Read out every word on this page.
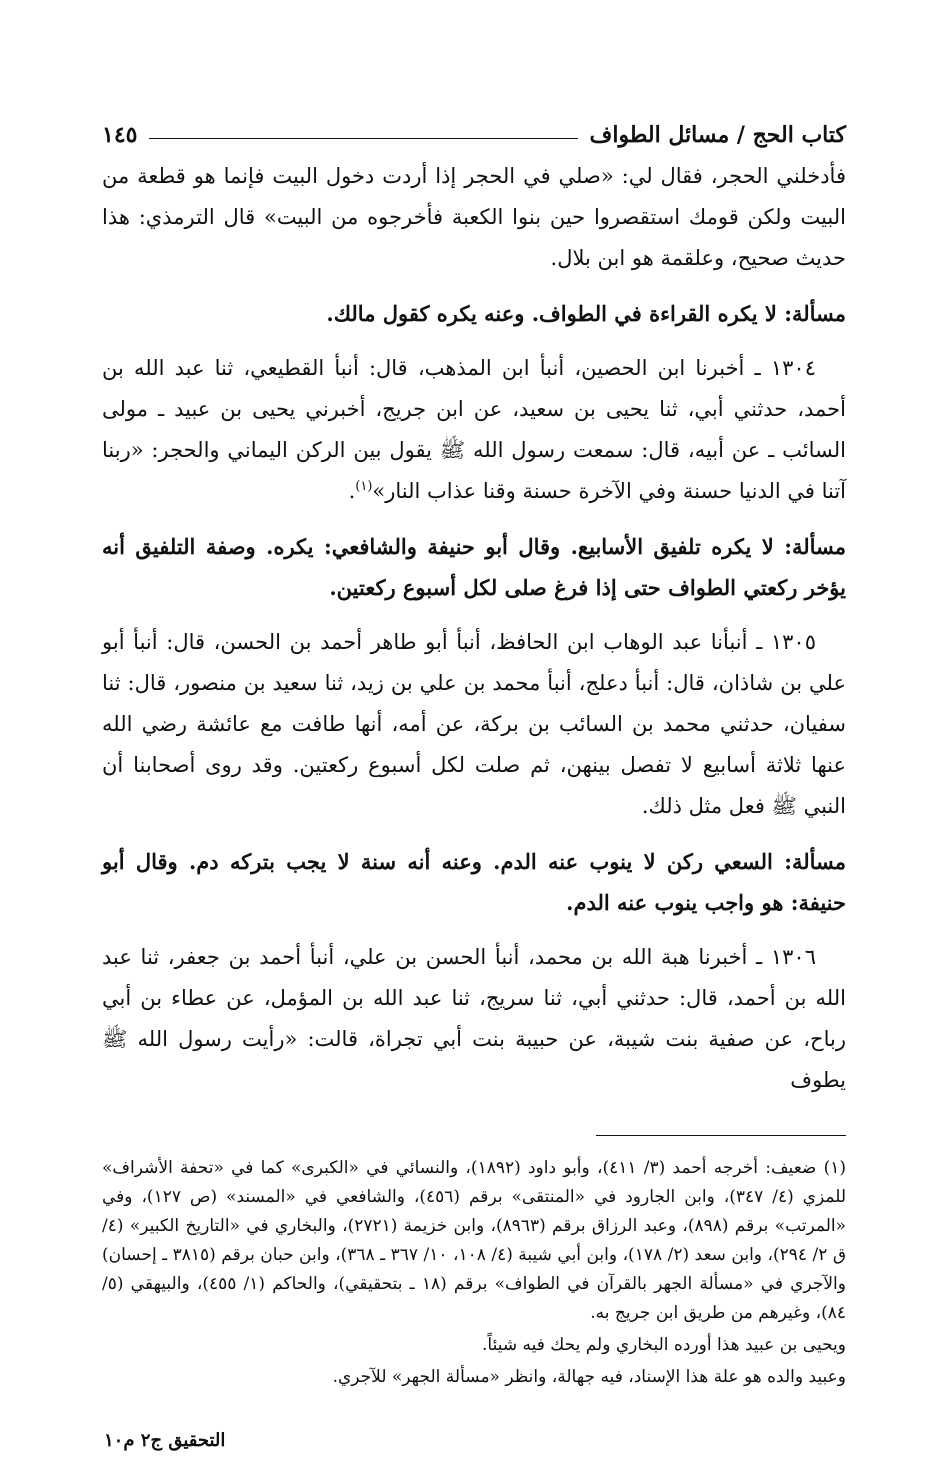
كتاب الحج / مسائل الطواف
١٤٥

فأدخلني الحجر، فقال لي: «صلي في الحجر إذا أردت دخول البيت فإنما هو قطعة من البيت ولكن قومك استقصروا حين بنوا الكعبة فأخرجوه من البيت» قال الترمذي: هذا حديث صحيح، وعلقمة هو ابن بلال.

مسألة: لا يكره القراءة في الطواف. وعنه يكره كقول مالك.

١٣٠٤ ـ أخبرنا ابن الحصين، أنبأ ابن المذهب، قال: أنبأ القطيعي، ثنا عبد الله بن أحمد، حدثني أبي، ثنا يحيى بن سعيد، عن ابن جريج، أخبرني يحيى بن عبيد ـ مولى السائب ـ عن أبيه، قال: سمعت رسول الله ﷺ يقول بين الركن اليماني والحجر: «ربنا آتنا في الدنيا حسنة وفي الآخرة حسنة وقنا عذاب النار»$^{(١)}$.

مسألة: لا يكره تلفيق الأسابيع. وقال أبو حنيفة والشافعي: يكره. وصفة التلفيق أنه يؤخر ركعتي الطواف حتى إذا فرغ صلى لكل أسبوع ركعتين.

١٣٠٥ ـ أنبأنا عبد الوهاب ابن الحافظ، أنبأ أبو طاهر أحمد بن الحسن، قال: أنبأ أبو علي بن شاذان، قال: أنبأ دعلج، أنبأ محمد بن علي بن زيد، ثنا سعيد بن منصور، قال: ثنا سفيان، حدثني محمد بن السائب بن بركة، عن أمه، أنها طافت مع عائشة رضي الله عنها ثلاثة أسابيع لا تفصل بينهن، ثم صلت لكل أسبوع ركعتين. وقد روى أصحابنا أن النبي ﷺ فعل مثل ذلك.

مسألة: السعي ركن لا ينوب عنه الدم. وعنه أنه سنة لا يجب بتركه دم. وقال أبو حنيفة: هو واجب ينوب عنه الدم.

١٣٠٦ ـ أخبرنا هبة الله بن محمد، أنبأ الحسن بن علي، أنبأ أحمد بن جعفر، ثنا عبد الله بن أحمد، قال: حدثني أبي، ثنا سريج، ثنا عبد الله بن المؤمل، عن عطاء بن أبي رباح، عن صفية بنت شيبة، عن حبيبة بنت أبي تجراة، قالت: «رأيت رسول الله ﷺ يطوف

(١) ضعيف: أخرجه أحمد (٣/ ٤١١)، وأبو داود (١٨٩٢)، والنسائي في «الكبرى» كما في «تحفة الأشراف» للمزي (٤/ ٣٤٧)، وابن الجارود في «المنتقى» برقم (٤٥٦)، والشافعي في «المسند» (ص ١٢٧)، وفي «المرتب» برقم (٨٩٨)، وعبد الرزاق برقم (٨٩٦٣)، وابن خزيمة (٢٧٢١)، والبخاري في «التاريخ الكبير» (٤/ ق ٢/ ٢٩٤)، وابن سعد (٢/ ١٧٨)، وابن أبي شيبة (٤/ ١٠٨، ١٠/ ٣٦٧ ـ ٣٦٨)، وابن حبان برقم (٣٨١٥ ـ إحسان) والآجري في «مسألة الجهر بالقرآن في الطواف» برقم (١٨ ـ بتحقيقي)، والحاكم (١/ ٤٥٥)، والبيهقي (٥/ ٨٤)، وغيرهم من طريق ابن جريج به.

ويحيى بن عبيد هذا أورده البخاري ولم يحك فيه شيئاً.

وعبيد والده هو علة هذا الإسناد، فيه جهالة، وانظر «مسألة الجهر» للآجري.

التحقيق ج٢ م١٠
